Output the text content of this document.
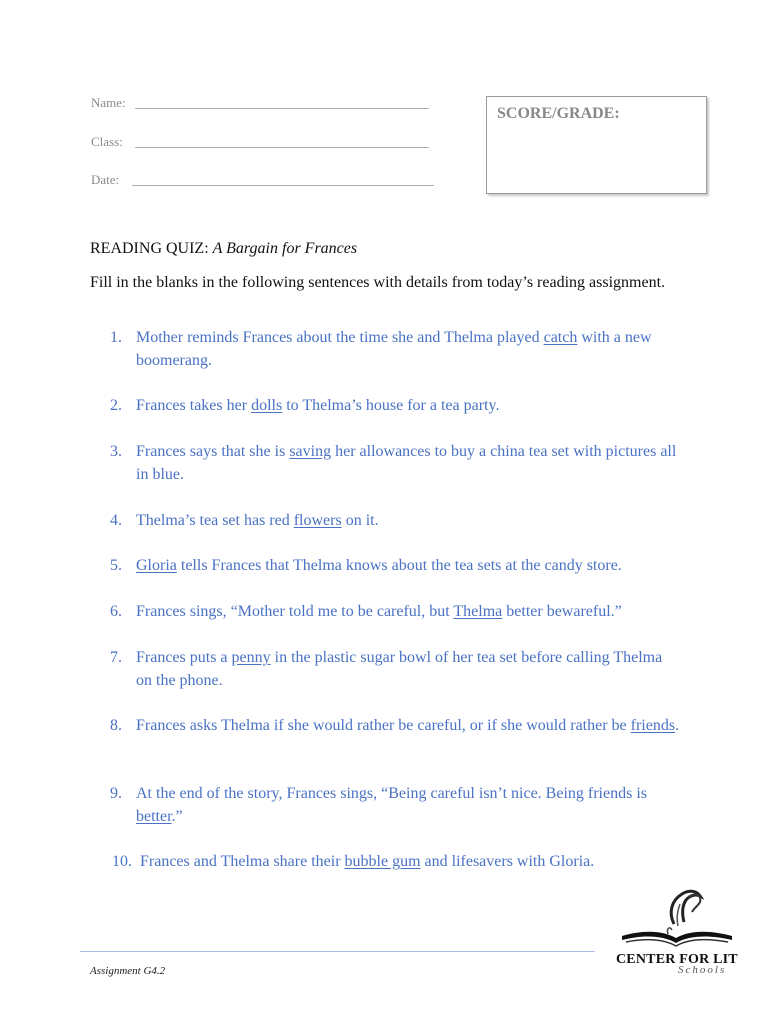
Name:
Class:
Date:
SCORE/GRADE:
READING QUIZ: A Bargain for Frances
Fill in the blanks in the following sentences with details from today’s reading assignment.
1. Mother reminds Frances about the time she and Thelma played catch with a new boomerang.
2. Frances takes her dolls to Thelma’s house for a tea party.
3. Frances says that she is saving her allowances to buy a china tea set with pictures all in blue.
4. Thelma’s tea set has red flowers on it.
5. Gloria tells Frances that Thelma knows about the tea sets at the candy store.
6. Frances sings, “Mother told me to be careful, but Thelma better bewareful.”
7. Frances puts a penny in the plastic sugar bowl of her tea set before calling Thelma on the phone.
8. Frances asks Thelma if she would rather be careful, or if she would rather be friends.
9. At the end of the story, Frances sings, “Being careful isn’t nice. Being friends is better.”
10. Frances and Thelma share their bubble gum and lifesavers with Gloria.
Assignment G4.2
CENTER FOR LIT
Schools
